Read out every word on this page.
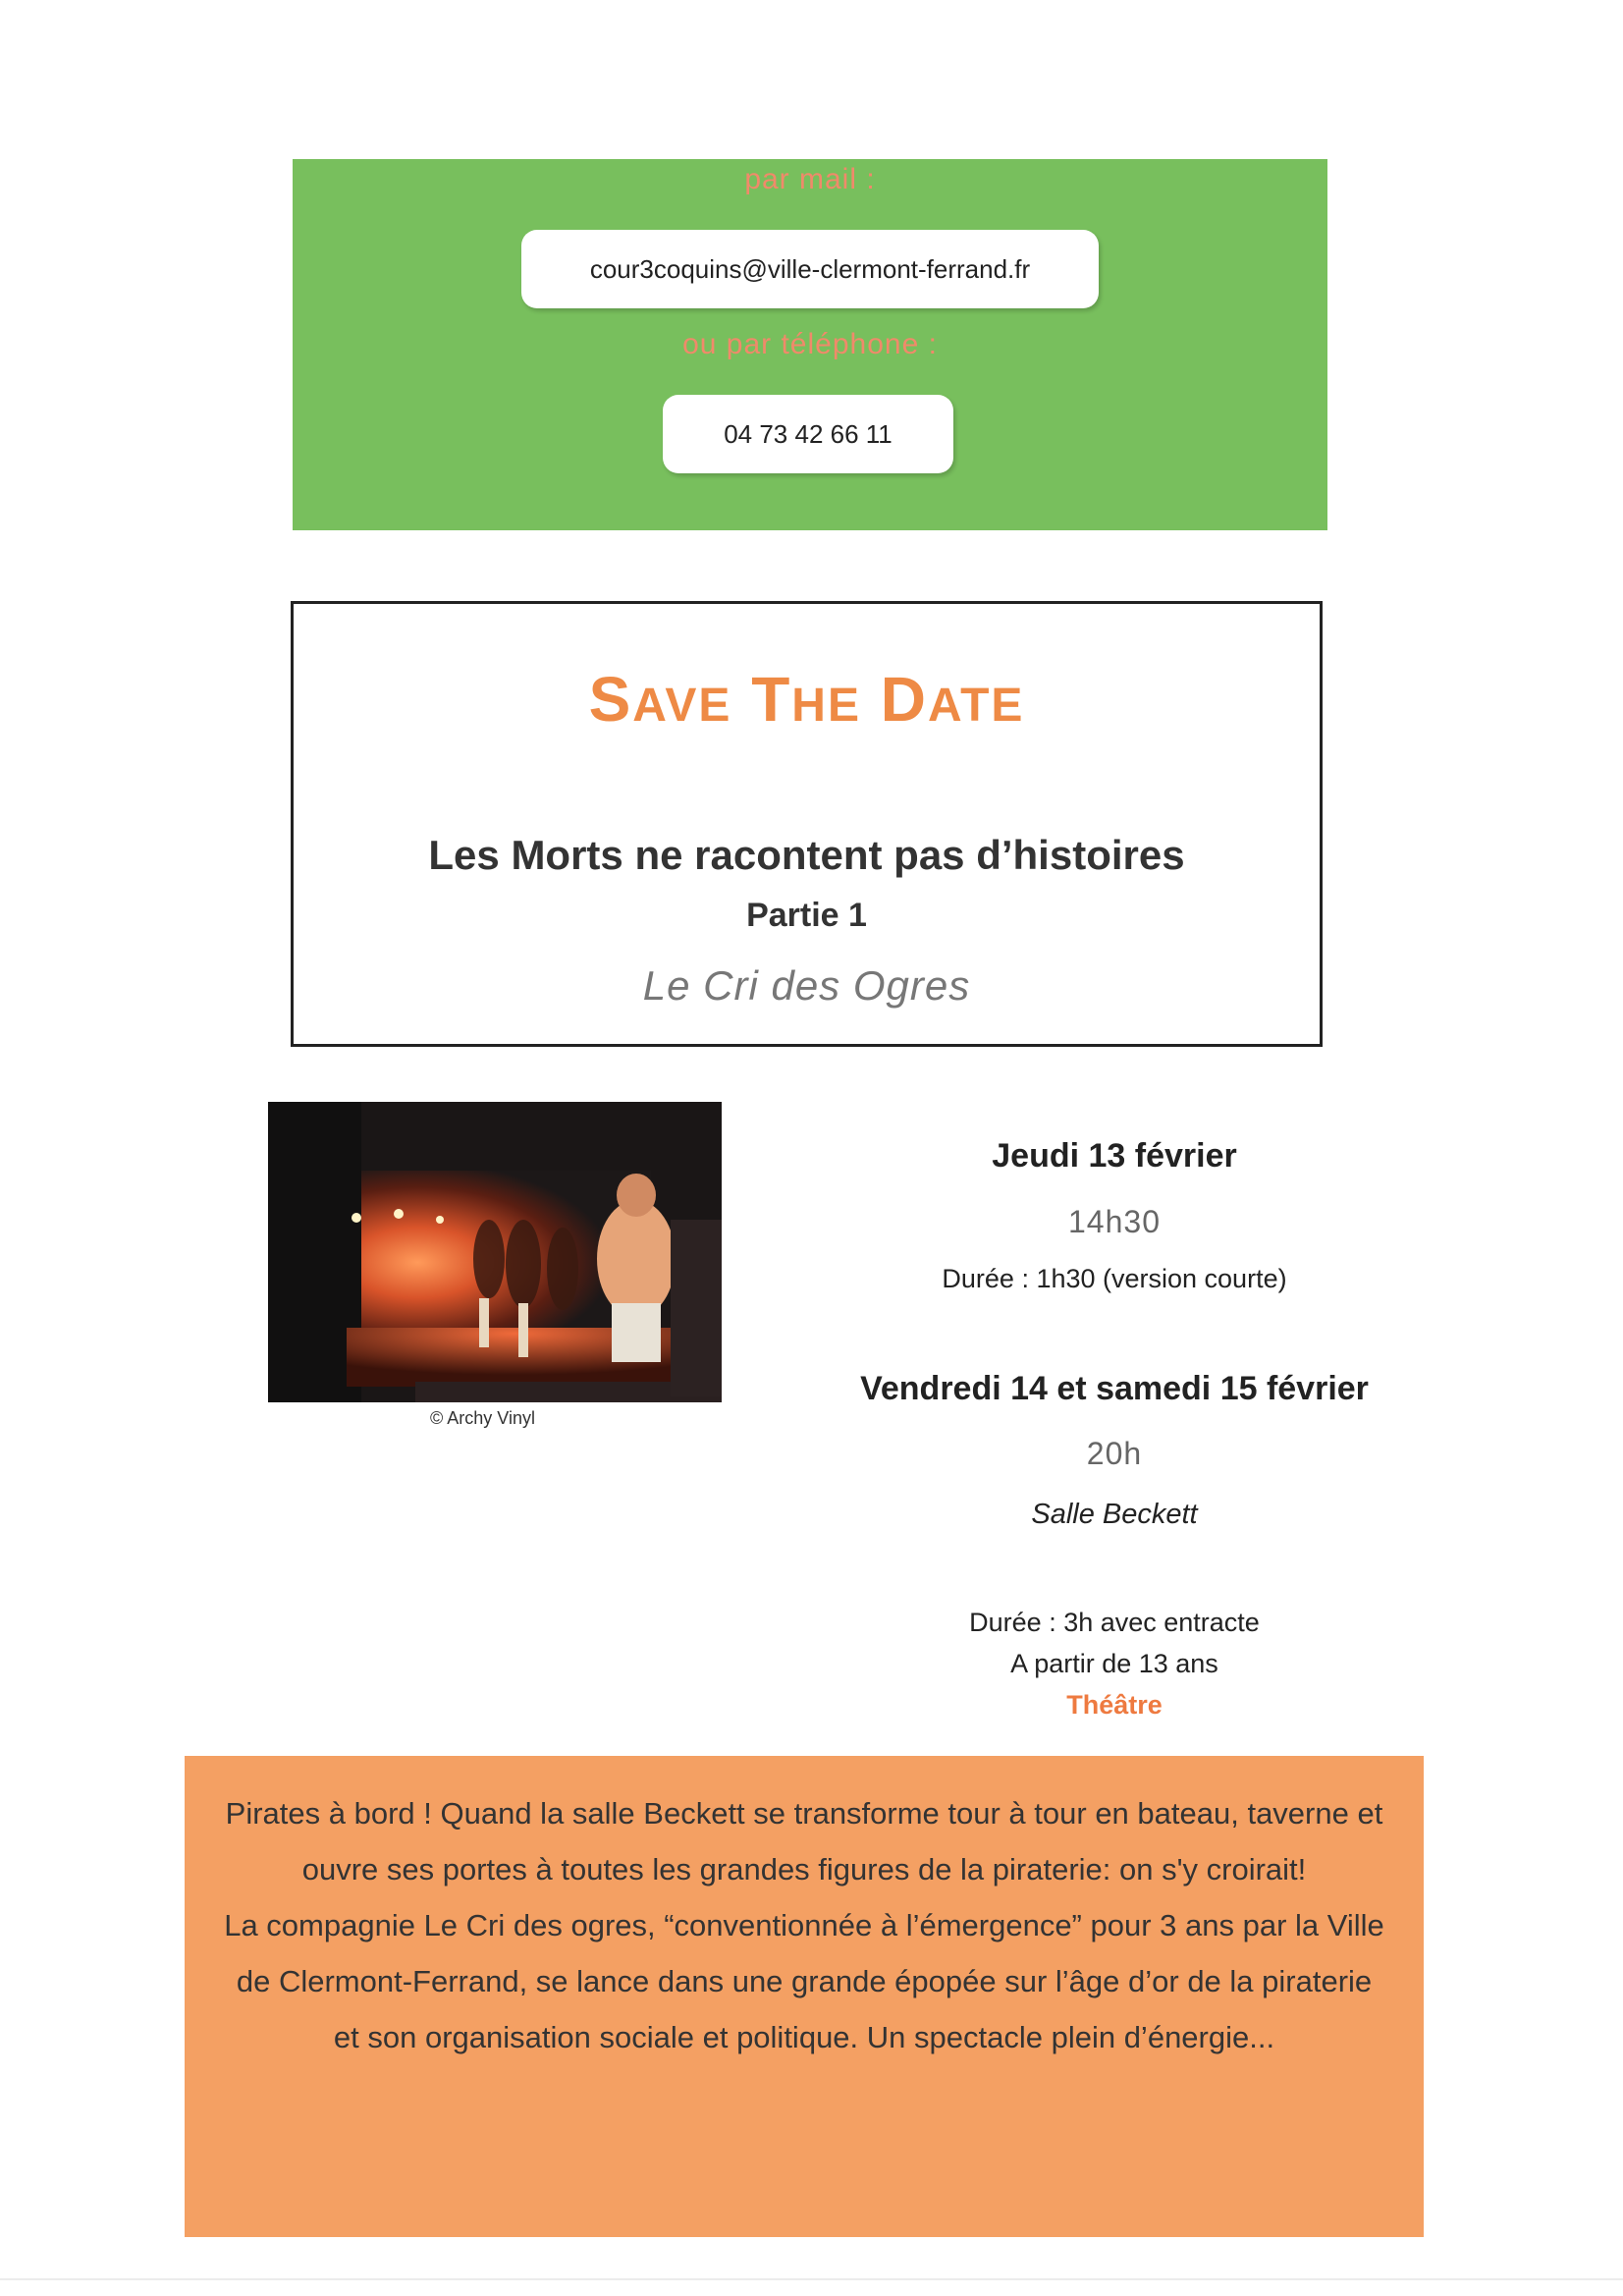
par mail :
cour3coquins@ville-clermont-ferrand.fr
ou par téléphone :
04 73 42 66 11
SAVE THE DATE
Les Morts ne racontent pas d’histoires
Partie 1
Le Cri des Ogres
© Archy Vinyl
Jeudi 13 février
14h30
Durée : 1h30 (version courte)
Vendredi 14 et samedi 15 février
20h
Salle Beckett
Durée : 3h avec entracte
A partir de 13 ans
Théâtre

Pirates à bord ! Quand la salle Beckett se transforme tour à tour en bateau, taverne et ouvre ses portes à toutes les grandes figures de la piraterie: on s'y croirait!

La compagnie Le Cri des ogres, “conventionnée à l’émergence” pour 3 ans par la Ville de Clermont-Ferrand, se lance dans une grande épopée sur l’âge d’or de la piraterie et son organisation sociale et politique. Un spectacle plein d’énergie...
